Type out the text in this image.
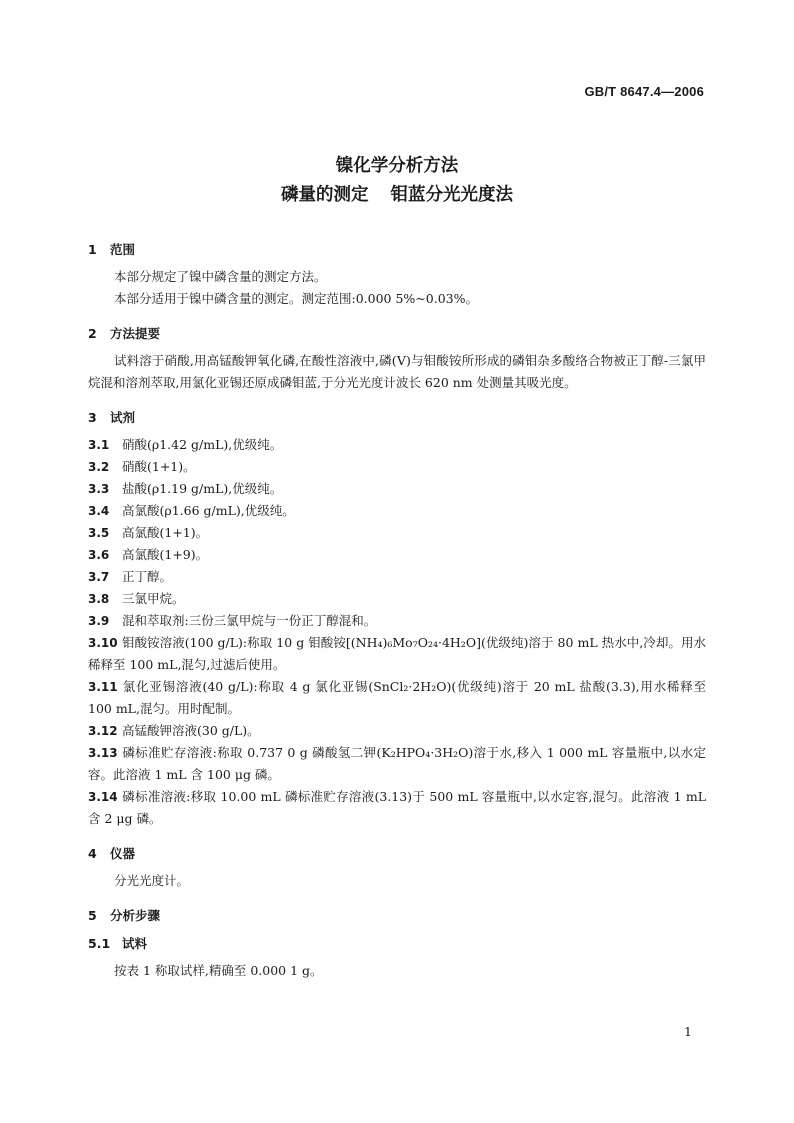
GB/T 8647.4—2006
镍化学分析方法
磷量的测定 钼蓝分光光度法
1 范围

本部分规定了镍中磷含量的测定方法。

本部分适用于镍中磷含量的测定。测定范围:0.000 5%~0.03%。

2 方法提要

试料溶于硝酸,用高锰酸钾氧化磷,在酸性溶液中,磷(Ⅴ)与钼酸铵所形成的磷钼杂多酸络合物被正丁醇-三氯甲烷混和溶剂萃取,用氯化亚锡还原成磷钼蓝,于分光光度计波长 620 nm 处测量其吸光度。

3 试剂

3.1 硝酸(ρ1.42 g/mL),优级纯。

3.2 硝酸(1+1)。

3.3 盐酸(ρ1.19 g/mL),优级纯。

3.4 高氯酸(ρ1.66 g/mL),优级纯。

3.5 高氯酸(1+1)。

3.6 高氯酸(1+9)。

3.7 正丁醇。

3.8 三氯甲烷。

3.9 混和萃取剂:三份三氯甲烷与一份正丁醇混和。

3.10 钼酸铵溶液(100 g/L):称取 10 g 钼酸铵[(NH₄)₆Mo₇O₂₄·4H₂O](优级纯)溶于 80 mL 热水中,冷却。用水稀释至 100 mL,混匀,过滤后使用。

3.11 氯化亚锡溶液(40 g/L):称取 4 g 氯化亚锡(SnCl₂·2H₂O)(优级纯)溶于 20 mL 盐酸(3.3),用水稀释至 100 mL,混匀。用时配制。

3.12 高锰酸钾溶液(30 g/L)。

3.13 磷标准贮存溶液:称取 0.737 0 g 磷酸氢二钾(K₂HPO₄·3H₂O)溶于水,移入 1 000 mL 容量瓶中,以水定容。此溶液 1 mL 含 100 μg 磷。

3.14 磷标准溶液:移取 10.00 mL 磷标准贮存溶液(3.13)于 500 mL 容量瓶中,以水定容,混匀。此溶液 1 mL 含 2 μg 磷。

4 仪器

分光光度计。

5 分析步骤
5.1 试料

按表 1 称取试样,精确至 0.000 1 g。

1
